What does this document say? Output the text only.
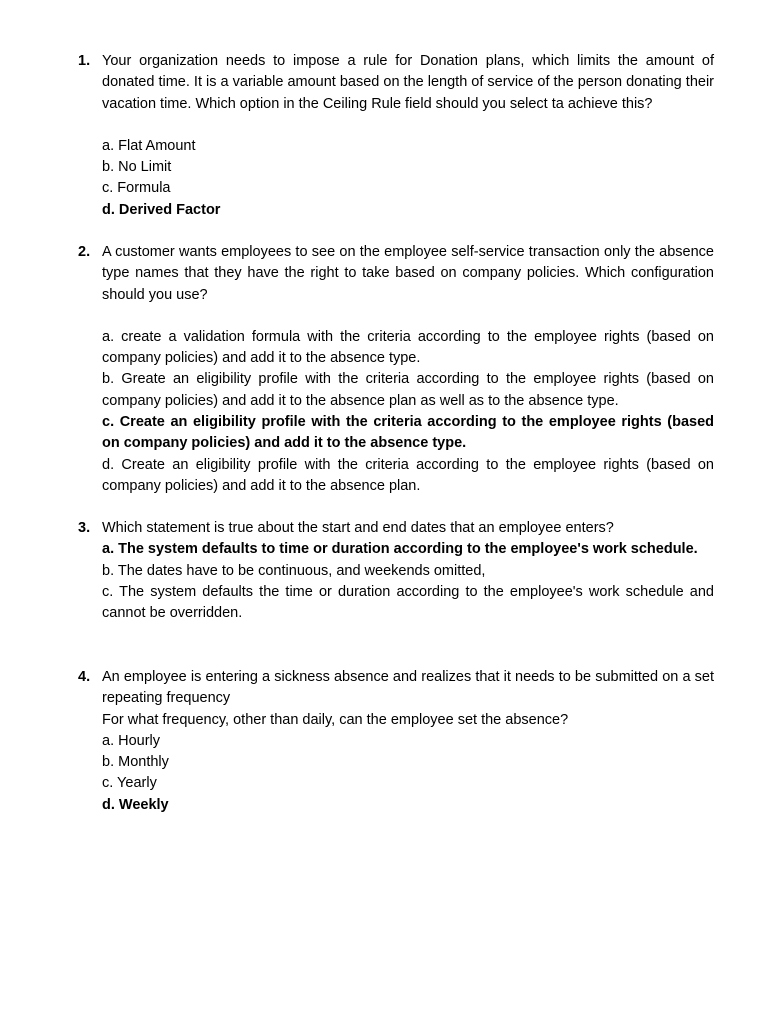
1. Your organization needs to impose a rule for Donation plans, which limits the amount of donated time. It is a variable amount based on the length of service of the person donating their vacation time. Which option in the Ceiling Rule field should you select ta achieve this?
a. Flat Amount
b. No Limit
c. Formula
d. Derived Factor
2. A customer wants employees to see on the employee self-service transaction only the absence type names that they have the right to take based on company policies. Which configuration should you use?
a. create a validation formula with the criteria according to the employee rights (based on company policies) and add it to the absence type.
b. Greate an eligibility profile with the criteria according to the employee rights (based on company policies) and add it to the absence plan as well as to the absence type.
c. Create an eligibility profile with the criteria according to the employee rights (based on company policies) and add it to the absence type.
d. Create an eligibility profile with the criteria according to the employee rights (based on company policies) and add it to the absence plan.
3. Which statement is true about the start and end dates that an employee enters?
a. The system defaults to time or duration according to the employee's work schedule.
b. The dates have to be continuous, and weekends omitted,
c. The system defaults the time or duration according to the employee's work schedule and cannot be overridden.
4. An employee is entering a sickness absence and realizes that it needs to be submitted on a set repeating frequency
For what frequency, other than daily, can the employee set the absence?
a. Hourly
b. Monthly
c. Yearly
d. Weekly
